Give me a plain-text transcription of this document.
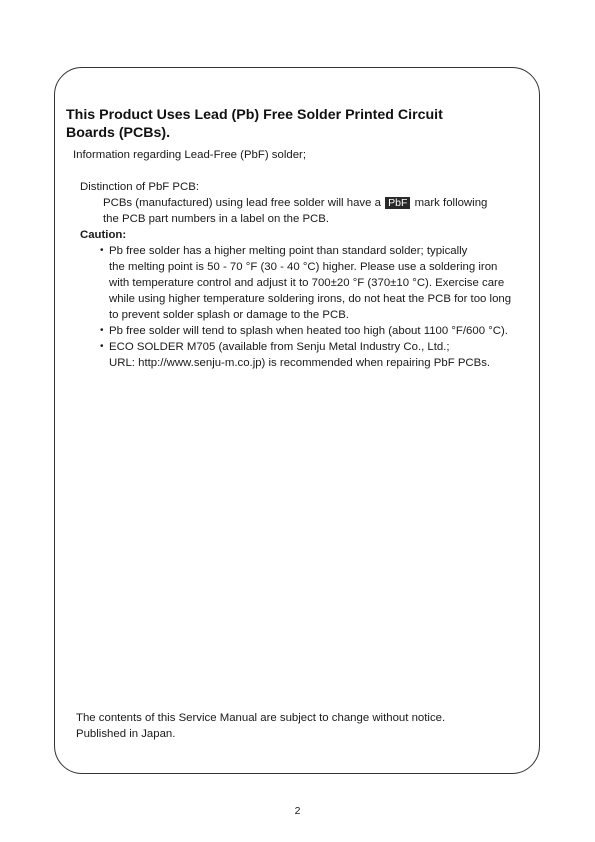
This Product Uses Lead (Pb) Free Solder Printed Circuit Boards (PCBs).
Information regarding Lead-Free (PbF) solder;
Distinction of PbF PCB:
PCBs (manufactured) using lead free solder will have a PbF mark following
the PCB part numbers in a label on the PCB.
Caution:
• Pb free solder has a higher melting point than standard solder; typically
the melting point is 50 - 70 °F (30 - 40 °C) higher. Please use a soldering iron
with temperature control and adjust it to 700±20 °F (370±10 °C). Exercise care
while using higher temperature soldering irons, do not heat the PCB for too long
to prevent solder splash or damage to the PCB.
• Pb free solder will tend to splash when heated too high (about 1100 °F/600 °C).
• ECO SOLDER M705 (available from Senju Metal Industry Co., Ltd.;
URL: http://www.senju-m.co.jp) is recommended when repairing PbF PCBs.
The contents of this Service Manual are subject to change without notice.
Published in Japan.
2
